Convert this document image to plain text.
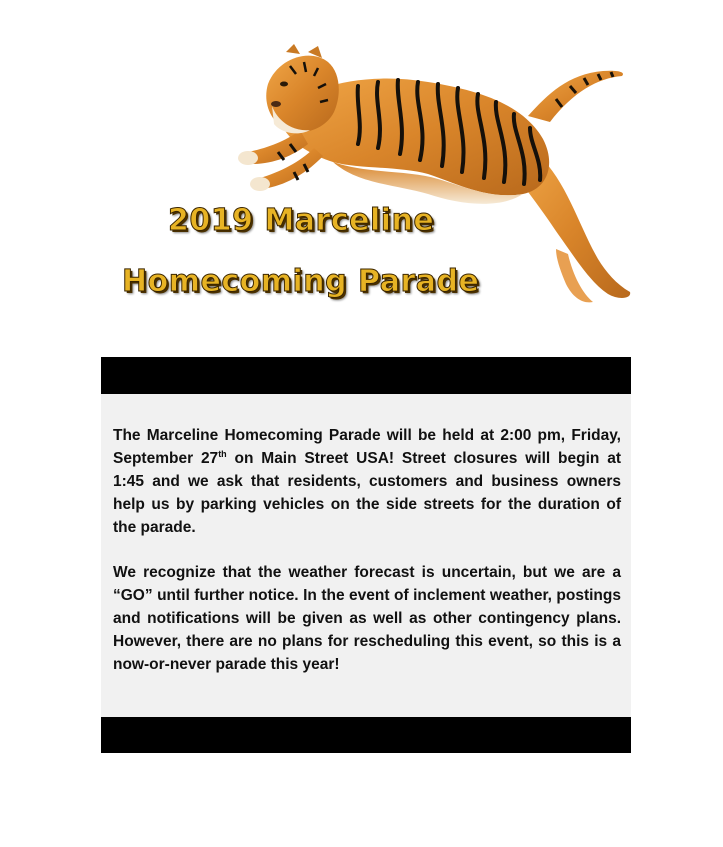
2019 Marceline
Homecoming Parade

The Marceline Homecoming Parade will be held at 2:00 pm, Friday, September 27th on Main Street USA! Street closures will begin at 1:45 and we ask that residents, customers and business owners help us by parking vehicles on the side streets for the duration of the parade.

We recognize that the weather forecast is uncertain, but we are a “GO” until further notice. In the event of inclement weather, postings and notifications will be given as well as other contingency plans. However, there are no plans for rescheduling this event, so this is a now-or-never parade this year!
